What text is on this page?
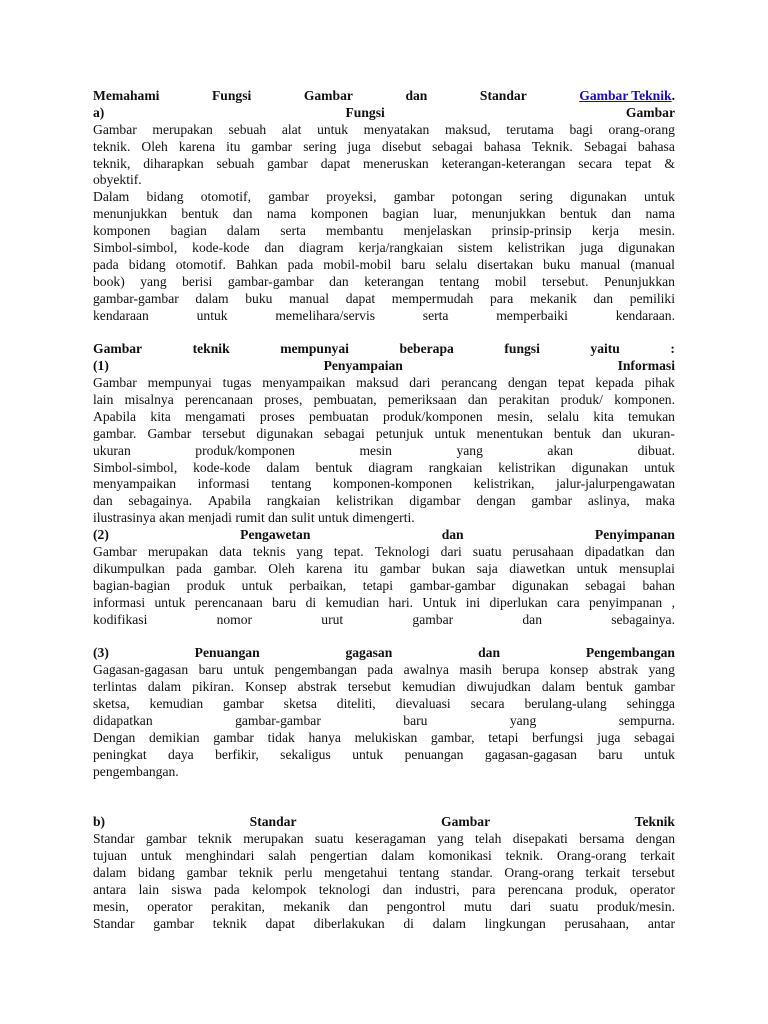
Memahami	Fungsi	Gambar	dan	Standar	Gambar Teknik.
a)	Fungsi	Gambar
Gambar merupakan sebuah alat untuk menyatakan maksud, terutama bagi orang-orang
teknik. Oleh karena itu gambar sering juga disebut sebagai bahasa Teknik. Sebagai bahasa
teknik, diharapkan sebuah gambar dapat meneruskan keterangan-keterangan secara tepat &
obyektif.
Dalam bidang otomotif, gambar proyeksi, gambar potongan sering digunakan untuk
menunjukkan bentuk dan nama komponen bagian luar, menunjukkan bentuk dan nama
komponen bagian dalam serta membantu menjelaskan prinsip-prinsip kerja mesin.
Simbol-simbol, kode-kode dan diagram kerja/rangkaian sistem kelistrikan juga digunakan
pada bidang otomotif. Bahkan pada mobil-mobil baru selalu disertakan buku manual (manual
book) yang berisi gambar-gambar dan keterangan tentang mobil tersebut. Penunjukkan
gambar-gambar dalam buku manual dapat mempermudah para mekanik dan pemiliki
kendaraan	untuk	memelihara/servis	serta	memperbaiki	kendaraan.
Gambar	teknik	mempunyai	beberapa	fungsi	yaitu	:
(1)	Penyampaian	Informasi
Gambar mempunyai tugas menyampaikan maksud dari perancang dengan tepat kepada pihak
lain misalnya perencanaan proses, pembuatan, pemeriksaan dan perakitan produk/ komponen.
Apabila kita mengamati proses pembuatan produk/komponen mesin, selalu kita temukan
gambar. Gambar tersebut digunakan sebagai petunjuk untuk menentukan bentuk dan ukuran-
ukuran	produk/komponen	mesin	yang	akan	dibuat.
Simbol-simbol, kode-kode dalam bentuk diagram rangkaian kelistrikan digunakan untuk
menyampaikan informasi tentang komponen-komponen kelistrikan, jalur-jalurpengawatan
dan sebagainya. Apabila rangkaian kelistrikan digambar dengan gambar aslinya, maka
ilustrasinya akan menjadi rumit dan sulit untuk dimengerti.
(2)	Pengawetan	dan	Penyimpanan
Gambar merupakan data teknis yang tepat. Teknologi dari suatu perusahaan dipadatkan dan
dikumpulkan pada gambar. Oleh karena itu gambar bukan saja diawetkan untuk mensuplai
bagian-bagian produk untuk perbaikan, tetapi gambar-gambar digunakan sebagai bahan
informasi untuk perencanaan baru di kemudian hari. Untuk ini diperlukan cara penyimpanan ,
kodifikasi	nomor	urut	gambar	dan	sebagainya.
(3)	Penuangan	gagasan	dan	Pengembangan
Gagasan-gagasan baru untuk pengembangan pada awalnya masih berupa konsep abstrak yang
terlintas dalam pikiran. Konsep abstrak tersebut kemudian diwujudkan dalam bentuk gambar
sketsa, kemudian gambar sketsa diteliti, dievaluasi secara berulang-ulang sehingga
didapatkan	gambar-gambar	baru	yang	sempurna.
Dengan demikian gambar tidak hanya melukiskan gambar, tetapi berfungsi juga sebagai
peningkat daya berfikir, sekaligus untuk penuangan gagasan-gagasan baru untuk
pengembangan.
b)	Standar	Gambar	Teknik
Standar gambar teknik merupakan suatu keseragaman yang telah disepakati bersama dengan
tujuan untuk menghindari salah pengertian dalam komonikasi teknik. Orang-orang terkait
dalam bidang gambar teknik perlu mengetahui tentang standar. Orang-orang terkait tersebut
antara lain siswa pada kelompok teknologi dan industri, para perencana produk, operator
mesin, operator perakitan, mekanik dan pengontrol mutu dari suatu produk/mesin.
Standar gambar teknik dapat diberlakukan di dalam lingkungan perusahaan, antar
